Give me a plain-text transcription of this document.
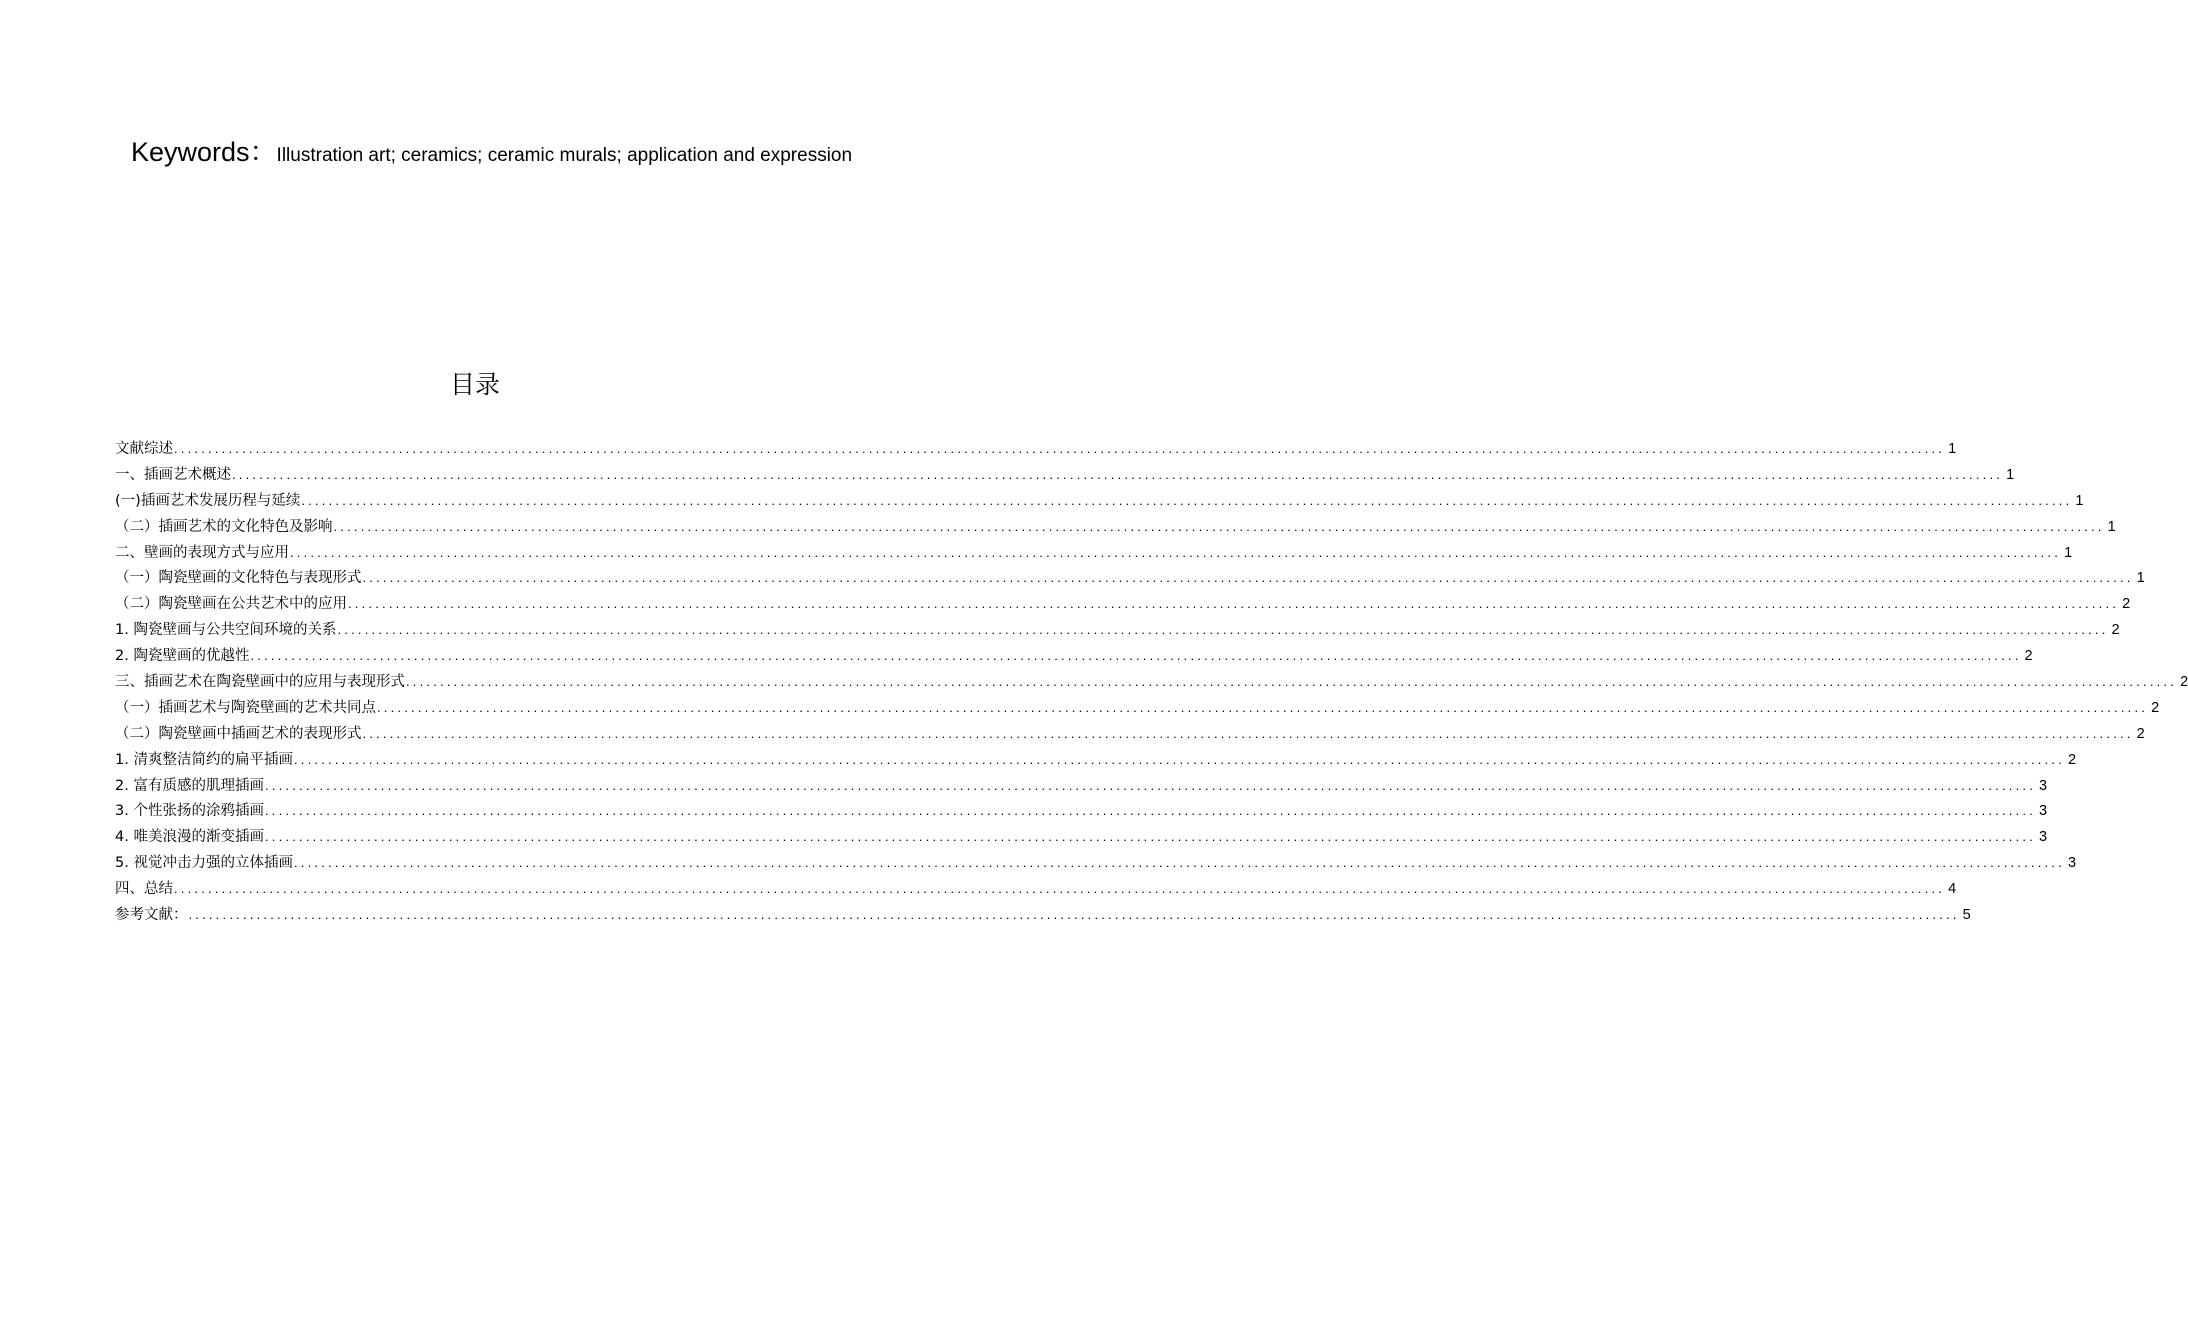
Keywords：Illustration art; ceramics; ceramic murals; application and expression
目录
文献综述 .................................................................................................................................................................................................................................................................... 1
一、插画艺术概述 .................................................................................................................................................................................................................................................................... 1
(一)插画艺术发展历程与延续 .................................................................................................................................................................................................................................................................... 1
（二）插画艺术的文化特色及影响 .................................................................................................................................................................................................................................................................... 1
二、壁画的表现方式与应用 .................................................................................................................................................................................................................................................................... 1
（一）陶瓷壁画的文化特色与表现形式 .................................................................................................................................................................................................................................................................... 1
（二）陶瓷壁画在公共艺术中的应用 .................................................................................................................................................................................................................................................................... 2
1. 陶瓷壁画与公共空间环境的关系 .................................................................................................................................................................................................................................................................... 2
2. 陶瓷壁画的优越性 .................................................................................................................................................................................................................................................................... 2
三、插画艺术在陶瓷壁画中的应用与表现形式 .................................................................................................................................................................................................................................................................... 2
（一）插画艺术与陶瓷壁画的艺术共同点 .................................................................................................................................................................................................................................................................... 2
（二）陶瓷壁画中插画艺术的表现形式 .................................................................................................................................................................................................................................................................... 2
1. 清爽整洁简约的扁平插画 .................................................................................................................................................................................................................................................................... 2
2. 富有质感的肌理插画 .................................................................................................................................................................................................................................................................... 3
3. 个性张扬的涂鸦插画 .................................................................................................................................................................................................................................................................... 3
4. 唯美浪漫的渐变插画 .................................................................................................................................................................................................................................................................... 3
5. 视觉冲击力强的立体插画 .................................................................................................................................................................................................................................................................... 3
四、总结 .................................................................................................................................................................................................................................................................... 4
参考文献： .................................................................................................................................................................................................................................................................... 5
